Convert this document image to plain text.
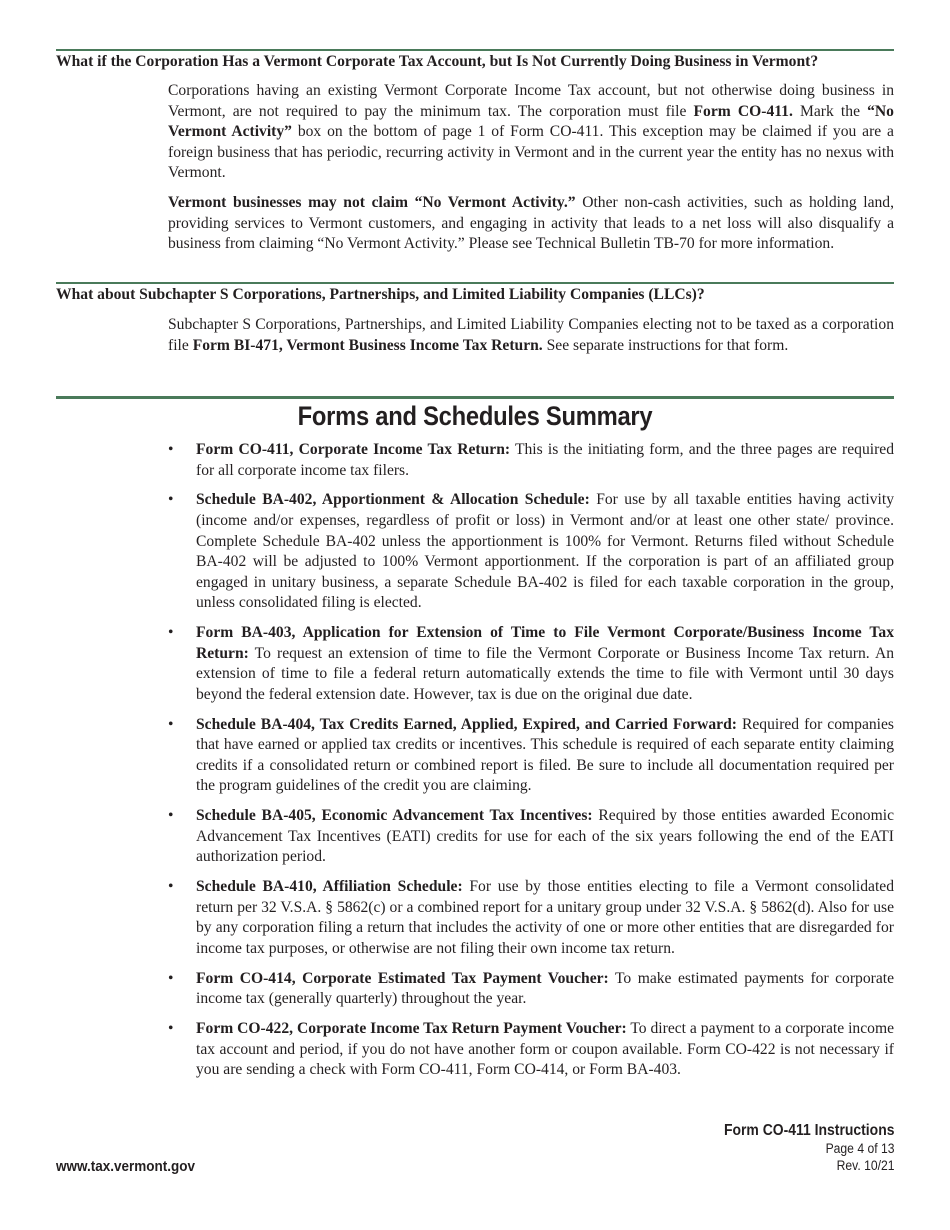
What if the Corporation Has a Vermont Corporate Tax Account, but Is Not Currently Doing Business in Vermont?

Corporations having an existing Vermont Corporate Income Tax account, but not otherwise doing business in Vermont, are not required to pay the minimum tax. The corporation must file Form CO-411. Mark the “No Vermont Activity” box on the bottom of page 1 of Form CO-411. This exception may be claimed if you are a foreign business that has periodic, recurring activity in Vermont and in the current year the entity has no nexus with Vermont.

Vermont businesses may not claim “No Vermont Activity.” Other non-cash activities, such as holding land, providing services to Vermont customers, and engaging in activity that leads to a net loss will also disqualify a business from claiming “No Vermont Activity.” Please see Technical Bulletin TB-70 for more information.

What about Subchapter S Corporations, Partnerships, and Limited Liability Companies (LLCs)?

Subchapter S Corporations, Partnerships, and Limited Liability Companies electing not to be taxed as a corporation file Form BI-471, Vermont Business Income Tax Return. See separate instructions for that form.

Forms and Schedules Summary
• Form CO-411, Corporate Income Tax Return: This is the initiating form, and the three pages are required for all corporate income tax filers.
• Schedule BA-402, Apportionment & Allocation Schedule: For use by all taxable entities having activity (income and/or expenses, regardless of profit or loss) in Vermont and/or at least one other state/ province. Complete Schedule BA-402 unless the apportionment is 100% for Vermont. Returns filed without Schedule BA-402 will be adjusted to 100% Vermont apportionment. If the corporation is part of an affiliated group engaged in unitary business, a separate Schedule BA-402 is filed for each taxable corporation in the group, unless consolidated filing is elected.
• Form BA-403, Application for Extension of Time to File Vermont Corporate/Business Income Tax Return: To request an extension of time to file the Vermont Corporate or Business Income Tax return. An extension of time to file a federal return automatically extends the time to file with Vermont until 30 days beyond the federal extension date. However, tax is due on the original due date.
• Schedule BA-404, Tax Credits Earned, Applied, Expired, and Carried Forward: Required for companies that have earned or applied tax credits or incentives. This schedule is required of each separate entity claiming credits if a consolidated return or combined report is filed. Be sure to include all documentation required per the program guidelines of the credit you are claiming.
• Schedule BA-405, Economic Advancement Tax Incentives: Required by those entities awarded Economic Advancement Tax Incentives (EATI) credits for use for each of the six years following the end of the EATI authorization period.
• Schedule BA-410, Affiliation Schedule: For use by those entities electing to file a Vermont consolidated return per 32 V.S.A. § 5862(c) or a combined report for a unitary group under 32 V.S.A. § 5862(d). Also for use by any corporation filing a return that includes the activity of one or more other entities that are disregarded for income tax purposes, or otherwise are not filing their own income tax return.
• Form CO-414, Corporate Estimated Tax Payment Voucher: To make estimated payments for corporate income tax (generally quarterly) throughout the year.
• Form CO-422, Corporate Income Tax Return Payment Voucher: To direct a payment to a corporate income tax account and period, if you do not have another form or coupon available. Form CO-422 is not necessary if you are sending a check with Form CO-411, Form CO-414, or Form BA-403.
Form CO-411 Instructions
Page 4 of 13
Rev. 10/21
www.tax.vermont.gov
